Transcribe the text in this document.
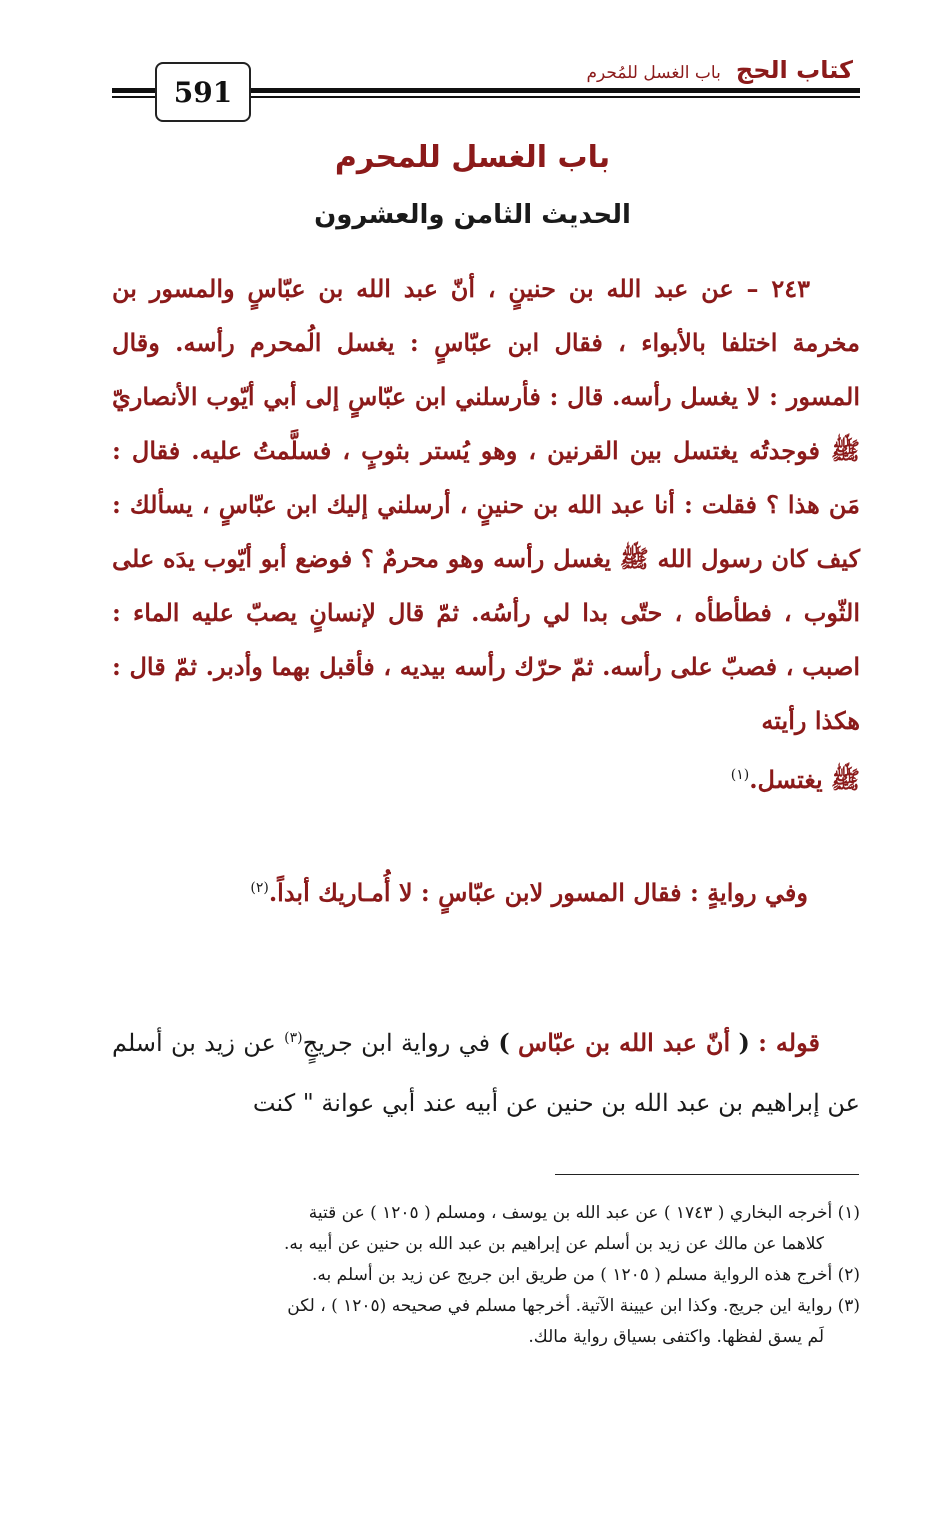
كتاب الحج باب الغسل للمُحرم
591
باب الغسل للمحرم
الحديث الثامن والعشرون
٢٤٣ – عن عبد الله بن حنينٍ ، أنّ عبد الله بن عبّاسٍ والمسور بن مخرمة اختلفا بالأبواء ، فقال ابن عبّاسٍ : يغسل الُمحرم رأسه. وقال المسور : لا يغسل رأسه. قال : فأرسلني ابن عبّاسٍ إلى أبي أيّوب الأنصاريّ ﷺ فوجدتُه يغتسل بين القرنين ، وهو يُستر بثوبٍ ، فسلَّمتُ عليه. فقال : مَن هذا ؟ فقلت : أنا عبد الله بن حنينٍ ، أرسلني إليك ابن عبّاسٍ ، يسألك : كيف كان رسول الله ﷺ يغسل رأسه وهو محرمٌ ؟ فوضع أبو أيّوب يدَه على الثّوب ، فطأطأه ، حتّى بدا لي رأسُه. ثمّ قال لإنسانٍ يصبّ عليه الماء : اصبب ، فصبّ على رأسه. ثمّ حرّك رأسه بيديه ، فأقبل بهما وأدبر. ثمّ قال : هكذا رأيته
ﷺ يغتسل.$^{(١)}$
وفي روايةٍ : فقال المسور لابن عبّاسٍ : لا أُمـاريك أبداً.$^{(٢)}$
قوله : ( أنّ عبد الله بن عبّاس ) في رواية ابن جريجٍ$^{(٣)}$ عن زيد بن أسلم عن إبراهيم بن عبد الله بن حنين عن أبيه عند أبي عوانة " كنت

(١) أخرجه البخاري ( ١٧٤٣ ) عن عبد الله بن يوسف ، ومسلم ( ١٢٠٥ ) عن قتية

كلاهما عن مالك عن زيد بن أسلم عن إبراهيم بن عبد الله بن حنين عن أبيه به.

(٢) أخرج هذه الرواية مسلم ( ١٢٠٥ ) من طريق ابن جريج عن زيد بن أسلم به.

(٣) رواية اين جريج. وكذا ابن عيينة الآتية. أخرجها مسلم في صحيحه (١٢٠٥ ) ، لكن

لَم يسق لفظها. واكتفى بسياق رواية مالك.
